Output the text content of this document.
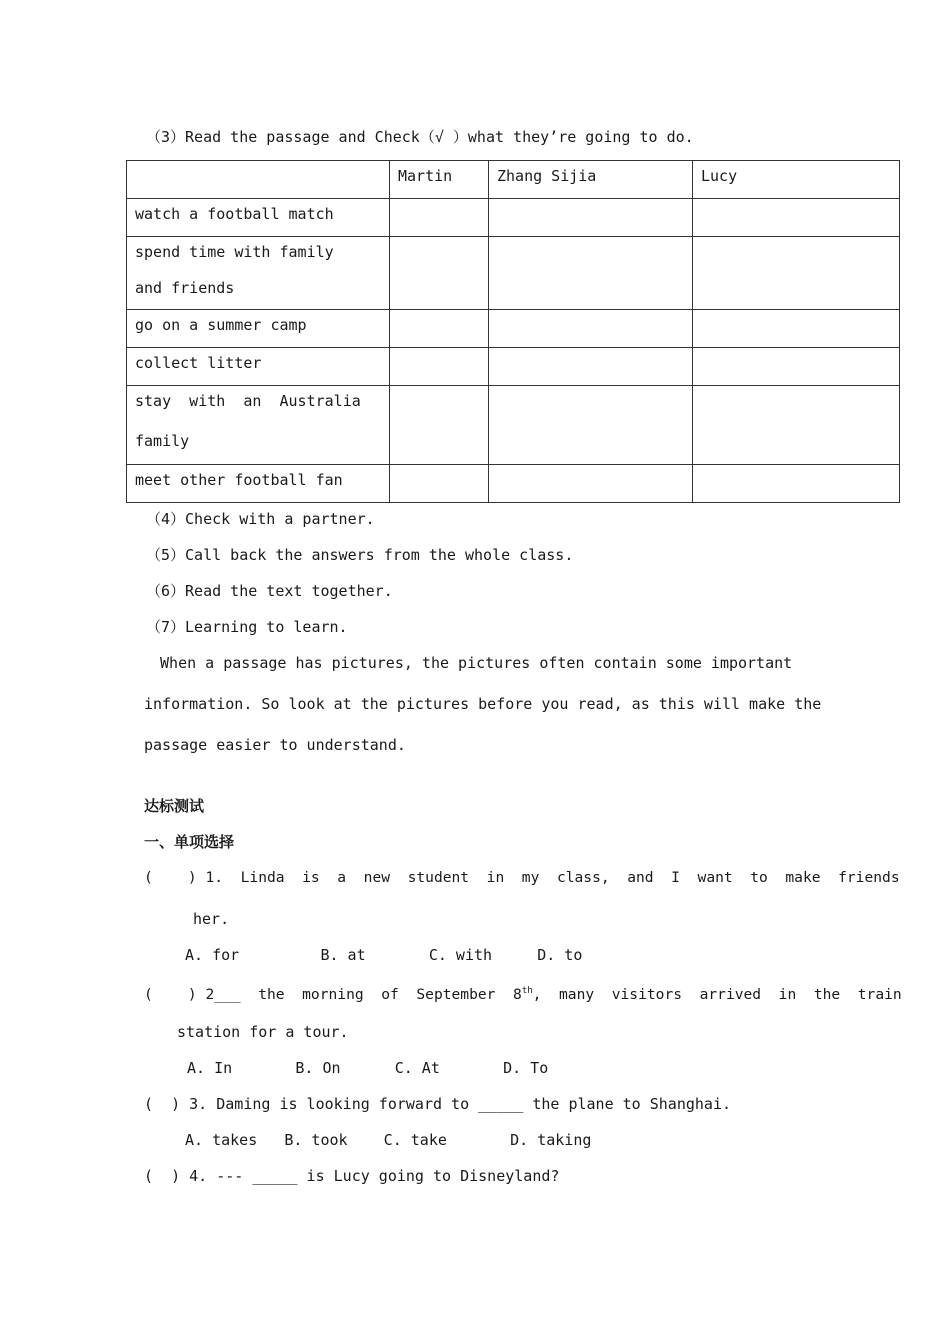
（3）Read the passage and Check（√ ）what they’re going to do.
	Martin	Zhang Sijia	Lucy
watch a football match			

spend time with family
and friends			

go on a summer camp			
collect litter			

stay  with  an  Australia
family			

meet other football fan			
（4）Check with a partner.
（5）Call back the answers from the whole class.
（6）Read the text together.
（7）Learning to learn.
When a passage has pictures, the pictures often contain some important
information. So look at the pictures before you read, as this will make the
passage easier to understand.
达标测试
一、单项选择
(    ) 1.  Linda  is  a  new  student  in  my  class,  and  I  want  to  make  friends
her.
A. for         B. at       C. with     D. to
(    ) 2___  the  morning  of  September  8th,  many  visitors  arrived  in  the  train
station for a tour.
A. In       B. On      C. At       D. To
(  ) 3. Daming is looking forward to _____ the plane to Shanghai.
A. takes   B. took    C. take       D. taking
(  ) 4. --- _____ is Lucy going to Disneyland?
